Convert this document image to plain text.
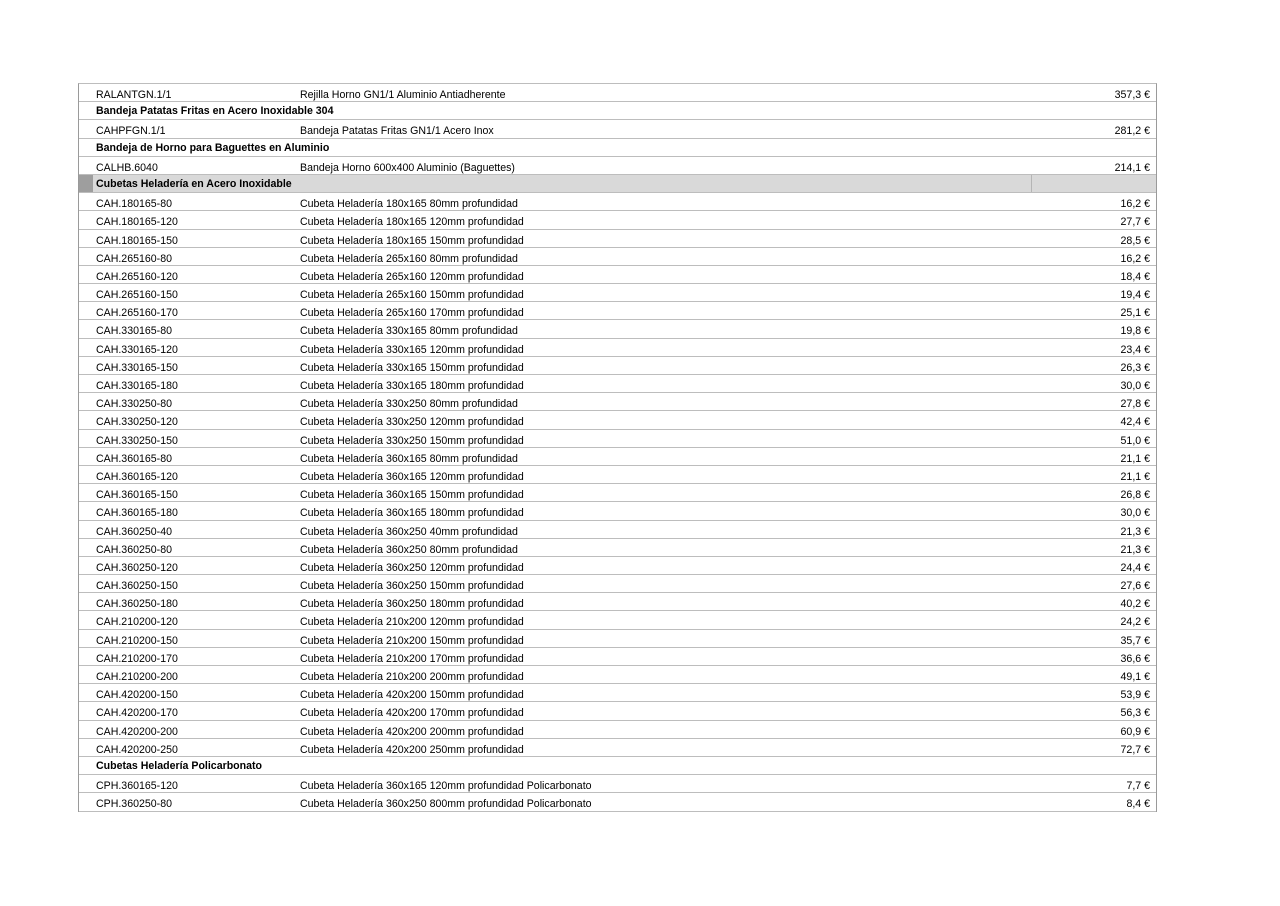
RALANTGN.1/1	Rejilla Horno GN1/1 Aluminio Antiadherente	357,3 €
Bandeja Patatas Fritas en Acero Inoxidable 304
CAHPFGN.1/1	Bandeja Patatas Fritas GN1/1 Acero Inox	281,2 €
Bandeja de Horno para Baguettes en Aluminio
CALHB.6040	Bandeja Horno 600x400 Aluminio (Baguettes)	214,1 €
Cubetas Heladería en Acero Inoxidable
CAH.180165-80	Cubeta Heladería 180x165 80mm profundidad	16,2 €
CAH.180165-120	Cubeta Heladería 180x165 120mm profundidad	27,7 €
CAH.180165-150	Cubeta Heladería 180x165 150mm profundidad	28,5 €
CAH.265160-80	Cubeta Heladería 265x160 80mm profundidad	16,2 €
CAH.265160-120	Cubeta Heladería 265x160 120mm profundidad	18,4 €
CAH.265160-150	Cubeta Heladería 265x160 150mm profundidad	19,4 €
CAH.265160-170	Cubeta Heladería 265x160 170mm profundidad	25,1 €
CAH.330165-80	Cubeta Heladería 330x165 80mm profundidad	19,8 €
CAH.330165-120	Cubeta Heladería 330x165 120mm profundidad	23,4 €
CAH.330165-150	Cubeta Heladería 330x165 150mm profundidad	26,3 €
CAH.330165-180	Cubeta Heladería 330x165 180mm profundidad	30,0 €
CAH.330250-80	Cubeta Heladería 330x250 80mm profundidad	27,8 €
CAH.330250-120	Cubeta Heladería 330x250 120mm profundidad	42,4 €
CAH.330250-150	Cubeta Heladería 330x250 150mm profundidad	51,0 €
CAH.360165-80	Cubeta Heladería 360x165 80mm profundidad	21,1 €
CAH.360165-120	Cubeta Heladería 360x165 120mm profundidad	21,1 €
CAH.360165-150	Cubeta Heladería 360x165 150mm profundidad	26,8 €
CAH.360165-180	Cubeta Heladería 360x165 180mm profundidad	30,0 €
CAH.360250-40	Cubeta Heladería 360x250 40mm profundidad	21,3 €
CAH.360250-80	Cubeta Heladería 360x250 80mm profundidad	21,3 €
CAH.360250-120	Cubeta Heladería 360x250 120mm profundidad	24,4 €
CAH.360250-150	Cubeta Heladería 360x250 150mm profundidad	27,6 €
CAH.360250-180	Cubeta Heladería 360x250 180mm profundidad	40,2 €
CAH.210200-120	Cubeta Heladería 210x200 120mm profundidad	24,2 €
CAH.210200-150	Cubeta Heladería 210x200 150mm profundidad	35,7 €
CAH.210200-170	Cubeta Heladería 210x200 170mm profundidad	36,6 €
CAH.210200-200	Cubeta Heladería 210x200 200mm profundidad	49,1 €
CAH.420200-150	Cubeta Heladería 420x200 150mm profundidad	53,9 €
CAH.420200-170	Cubeta Heladería 420x200 170mm profundidad	56,3 €
CAH.420200-200	Cubeta Heladería 420x200 200mm profundidad	60,9 €
CAH.420200-250	Cubeta Heladería 420x200 250mm profundidad	72,7 €
Cubetas Heladería Policarbonato
CPH.360165-120	Cubeta Heladería 360x165 120mm profundidad Policarbonato	7,7 €
CPH.360250-80	Cubeta Heladería 360x250 800mm profundidad Policarbonato	8,4 €
